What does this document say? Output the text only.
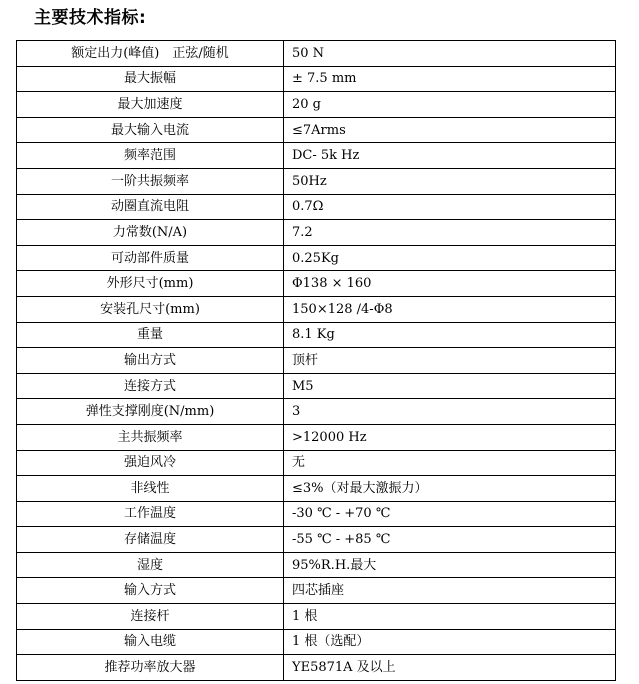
主要技术指标:
额定出力(峰值)　正弦/随机	50 N
最大振幅	± 7.5 mm
最大加速度	20 g
最大输入电流	≤7Arms
频率范围	DC- 5k Hz
一阶共振频率	50Hz
动圈直流电阻	0.7Ω
力常数(N/A)	7.2
可动部件质量	0.25Kg
外形尺寸(mm)	Φ138 × 160
安装孔尺寸(mm)	150×128 /4-Φ8
重量	8.1 Kg
输出方式	顶杆
连接方式	M5
弹性支撑刚度(N/mm)	3
主共振频率	>12000 Hz
强迫风冷	无
非线性	≤3%（对最大激振力）
工作温度	-30 ℃ - +70 ℃
存储温度	-55 ℃ - +85 ℃
湿度	95%R.H.最大
输入方式	四芯插座
连接杆	1 根
输入电缆	1 根（选配）
推荐功率放大器	YE5871A 及以上
